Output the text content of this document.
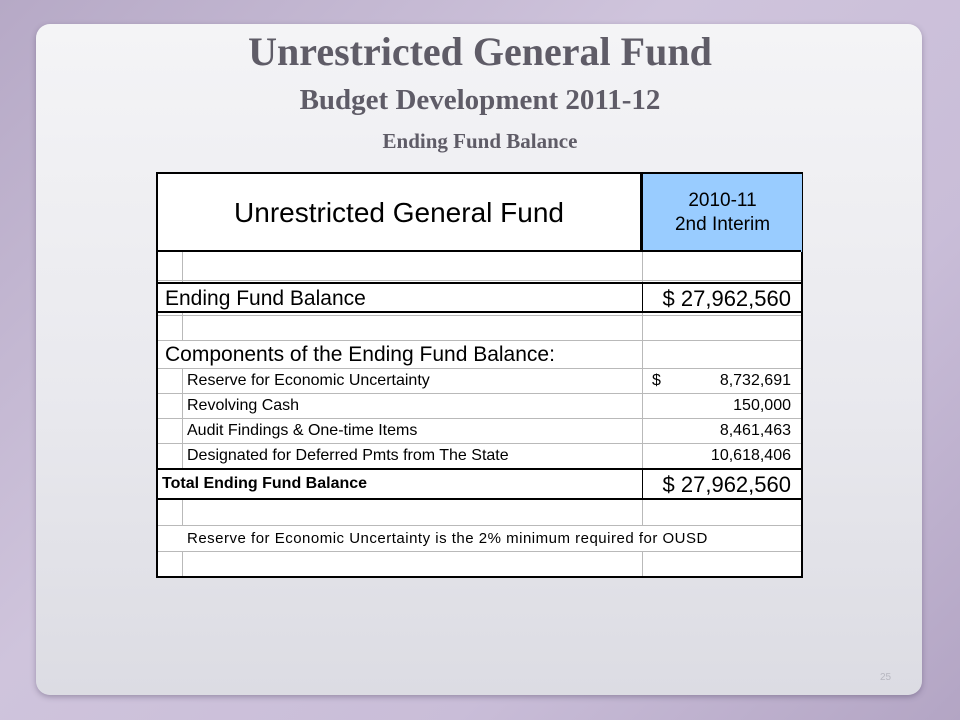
Unrestricted General Fund
Budget Development 2011-12
Ending Fund Balance
Unrestricted General Fund	2010-11
2nd Interim
Ending Fund Balance	$ 27,962,560
Components of the Ending Fund Balance:
Reserve for Economic Uncertainty	$	8,732,691
Revolving Cash	150,000
Audit Findings & One-time Items	8,461,463
Designated for Deferred Pmts from The State	10,618,406
Total Ending Fund Balance	$ 27,962,560
Reserve for Economic Uncertainty is the 2% minimum required for OUSD
25
